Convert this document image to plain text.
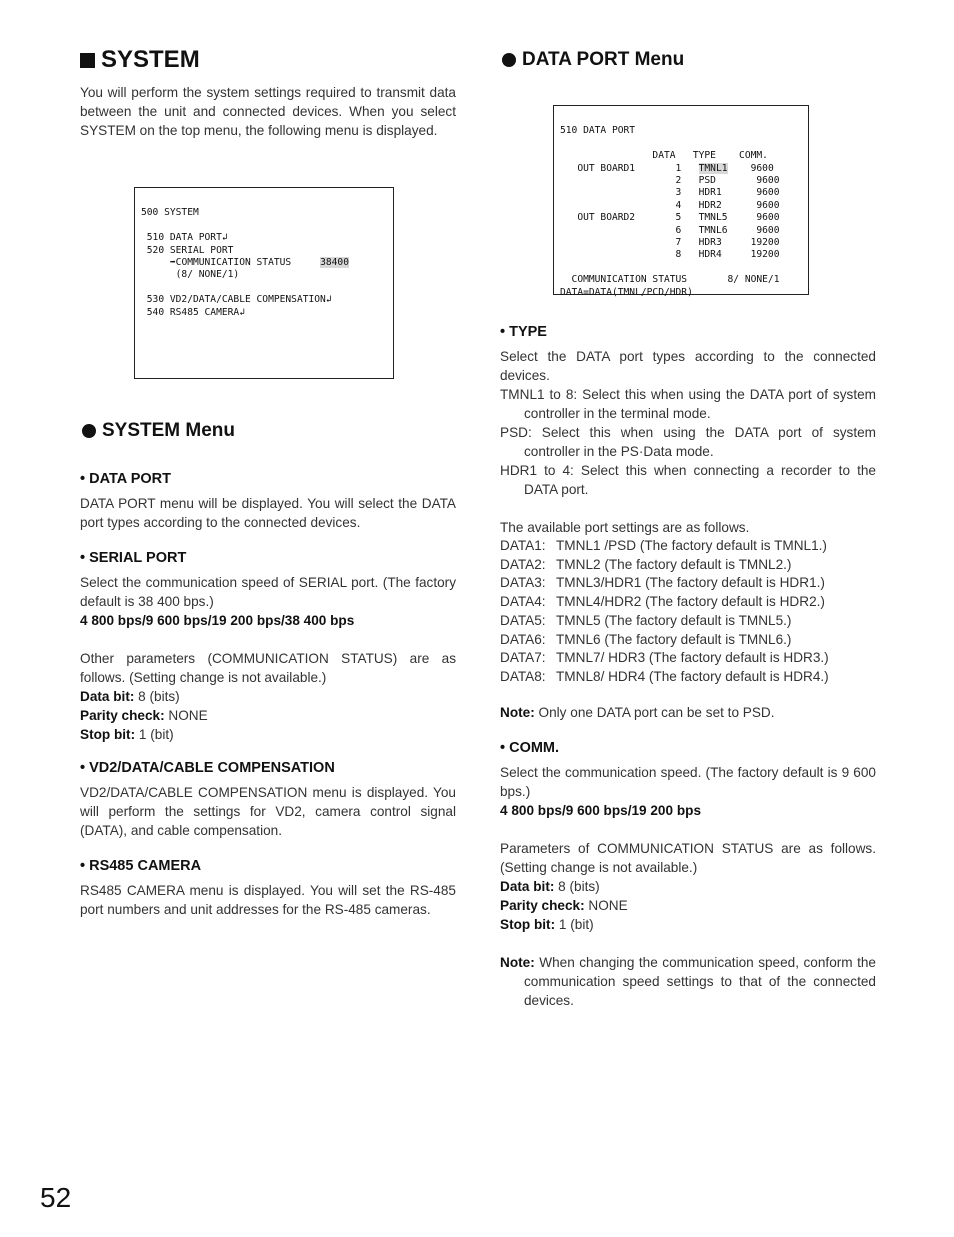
SYSTEM

You will perform the system settings required to transmit data between the unit and connected devices. When you select SYSTEM on the top menu, the following menu is displayed.

500 SYSTEM

510 DATA PORT↲
520 SERIAL PORT
➡COMMUNICATION STATUS	38400
(8/ NONE/1)

530 VD2/DATA/CABLE COMPENSATION↲
540 RS485 CAMERA↲

SYSTEM Menu
• DATA PORT

DATA PORT menu will be displayed. You will select the DATA port types according to the connected devices.

• SERIAL PORT

Select the communication speed of SERIAL port. (The factory default is 38 400 bps.)

4 800 bps/9 600 bps/19 200 bps/38 400 bps

Other parameters (COMMUNICATION STATUS) are as follows. (Setting change is not available.)

Data bit: 8 (bits)

Parity check: NONE

Stop bit: 1 (bit)

• VD2/DATA/CABLE COMPENSATION

VD2/DATA/CABLE COMPENSATION menu is displayed. You will perform the settings for VD2, camera control signal (DATA), and cable compensation.

• RS485 CAMERA

RS485 CAMERA menu is displayed. You will set the RS-485 port numbers and unit addresses for the RS-485 cameras.

DATA PORT Menu

510 DATA PORT

DATA   TYPE    COMM.
OUT BOARD1       1   TMNL1    9600
2   PSD       9600
3   HDR1      9600
4   HDR2      9600
OUT BOARD2       5   TMNL5     9600
6   TMNL6     9600
7   HDR3     19200
8   HDR4     19200

COMMUNICATION STATUS       8/ NONE/1
DATA=DATA(TMNL/PCD/HDR)

• TYPE

Select the DATA port types according to the connected devices.

TMNL1 to 8: Select this when using the DATA port of system controller in the terminal mode.

PSD: Select this when using the DATA port of system controller in the PS·Data mode.

HDR1 to 4: Select this when connecting a recorder to the DATA port.

The available port settings are as follows.

DATA1:	TMNL1 /PSD (The factory default is TMNL1.)
DATA2:	TMNL2 (The factory default is TMNL2.)
DATA3:	TMNL3/HDR1 (The factory default is HDR1.)
DATA4:	TMNL4/HDR2 (The factory default is HDR2.)
DATA5:	TMNL5 (The factory default is TMNL5.)
DATA6:	TMNL6 (The factory default is TMNL6.)
DATA7:	TMNL7/ HDR3 (The factory default is HDR3.)
DATA8:	TMNL8/ HDR4 (The factory default is HDR4.)

Note: Only one DATA port can be set to PSD.

• COMM.

Select the communication speed. (The factory default is 9 600 bps.)

4 800 bps/9 600 bps/19 200 bps

Parameters of COMMUNICATION STATUS are as follows. (Setting change is not available.)

Data bit: 8 (bits)

Parity check: NONE

Stop bit: 1 (bit)

Note: When changing the communication speed, conform the communication speed settings to that of the connected devices.

52
